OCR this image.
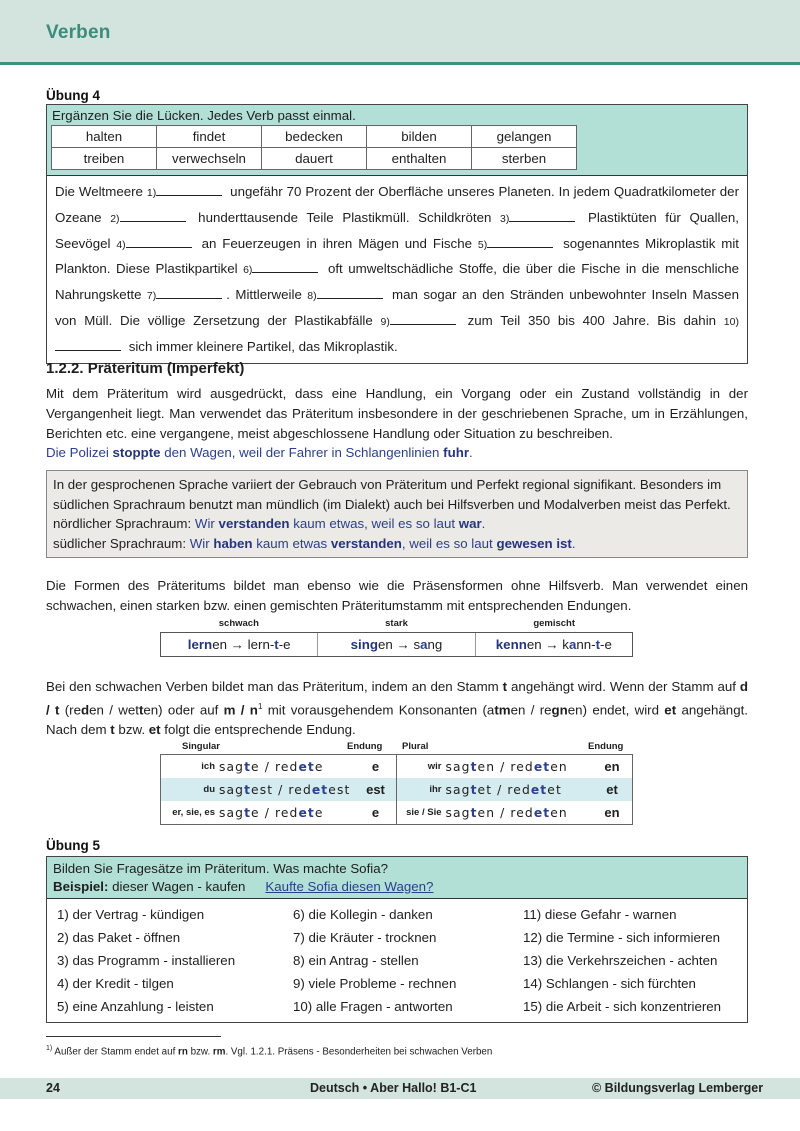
Verben
Übung 4
Ergänzen Sie die Lücken. Jedes Verb passt einmal.
halten	findet	bedecken	bilden	gelangen
treiben	verwechseln	dauert	enthalten	sterben
Die Weltmeere 1)	ungefähr 70 Prozent der Oberfläche unseres Planeten. In jedem Quadratkilometer der Ozeane 2)	hunderttausende Teile Plastikmüll. Schildkröten 3)	Plastiktüten für Quallen, Seevögel 4)	an Feuerzeugen in ihren Mägen und Fische 5)	sogenanntes Mikroplastik mit Plankton. Diese Plastikpartikel 6)	oft umweltschädliche Stoffe, die über die Fische in die menschliche Nahrungskette 7)	. Mittlerweile 8)	man sogar an den Stränden unbewohnter Inseln Massen von Müll. Die völlige Zersetzung der Plastikabfälle 9)	zum Teil 350 bis 400 Jahre. Bis dahin 10) sich immer kleinere Partikel, das Mikroplastik.
1.2.2. Präteritum (Imperfekt)
Mit dem Präteritum wird ausgedrückt, dass eine Handlung, ein Vorgang oder ein Zustand vollständig in der Vergangenheit liegt. Man verwendet das Präteritum insbesondere in der geschriebenen Sprache, um in Erzählungen, Berichten etc. eine vergangene, meist abgeschlossene Handlung oder Situation zu beschreiben.
Die Polizei stoppte den Wagen, weil der Fahrer in Schlangenlinien fuhr.
In der gesprochenen Sprache variiert der Gebrauch von Präteritum und Perfekt regional signifikant. Besonders im südlichen Sprachraum benutzt man mündlich (im Dialekt) auch bei Hilfsverben und Modalverben meist das Perfekt.
nördlicher Sprachraum: Wir verstanden kaum etwas, weil es so laut war.
südlicher Sprachraum: Wir haben kaum etwas verstanden, weil es so laut gewesen ist.
Die Formen des Präteritums bildet man ebenso wie die Präsensformen ohne Hilfsverb. Man verwendet einen schwachen, einen starken bzw. einen gemischten Präteritumstamm mit entsprechenden Endungen.
schwach	stark	gemischt
lernen → lern-t-e	singen → sang	kennen → kann-t-e
Bei den schwachen Verben bildet man das Präteritum, indem an den Stamm t angehängt wird. Wenn der Stamm auf d / t (reden / wetten) oder auf m / $n^1$ mit vorausgehendem Konsonanten (atmen / regnen) endet, wird et angehängt. Nach dem t bzw. et folgt die entsprechende Endung.
Singular	Endung Plural	Endung
ich sagte / redete	e	wir sagten / redeten	en
du sagtest / redetest	est	ihr sagtet / redetet	et
er, sie, es sagte / redete	e	sie / Sie sagten / redeten	en
Übung 5
Bilden Sie Fragesätze im Präteritum. Was machte Sofia?
Beispiel: dieser Wagen - kaufen Kaufte Sofia diesen Wagen?
1) der Vertrag - kündigen	6) die Kollegin - danken	11) diese Gefahr - warnen
2) das Paket - öffnen	7) die Kräuter - trocknen	12) die Termine - sich informieren
3) das Programm - installieren	8) ein Antrag - stellen	13) die Verkehrszeichen - achten
4) der Kredit - tilgen	9) viele Probleme - rechnen	14) Schlangen - sich fürchten
5) eine Anzahlung - leisten	10) alle Fragen - antworten	15) die Arbeit - sich konzentrieren
$^{1)}$ Außer der Stamm endet auf rn bzw. rm. Vgl. 1.2.1. Präsens - Besonderheiten bei schwachen Verben
24	Deutsch • Aber Hallo! B1-C1	© Bildungsverlag Lemberger
